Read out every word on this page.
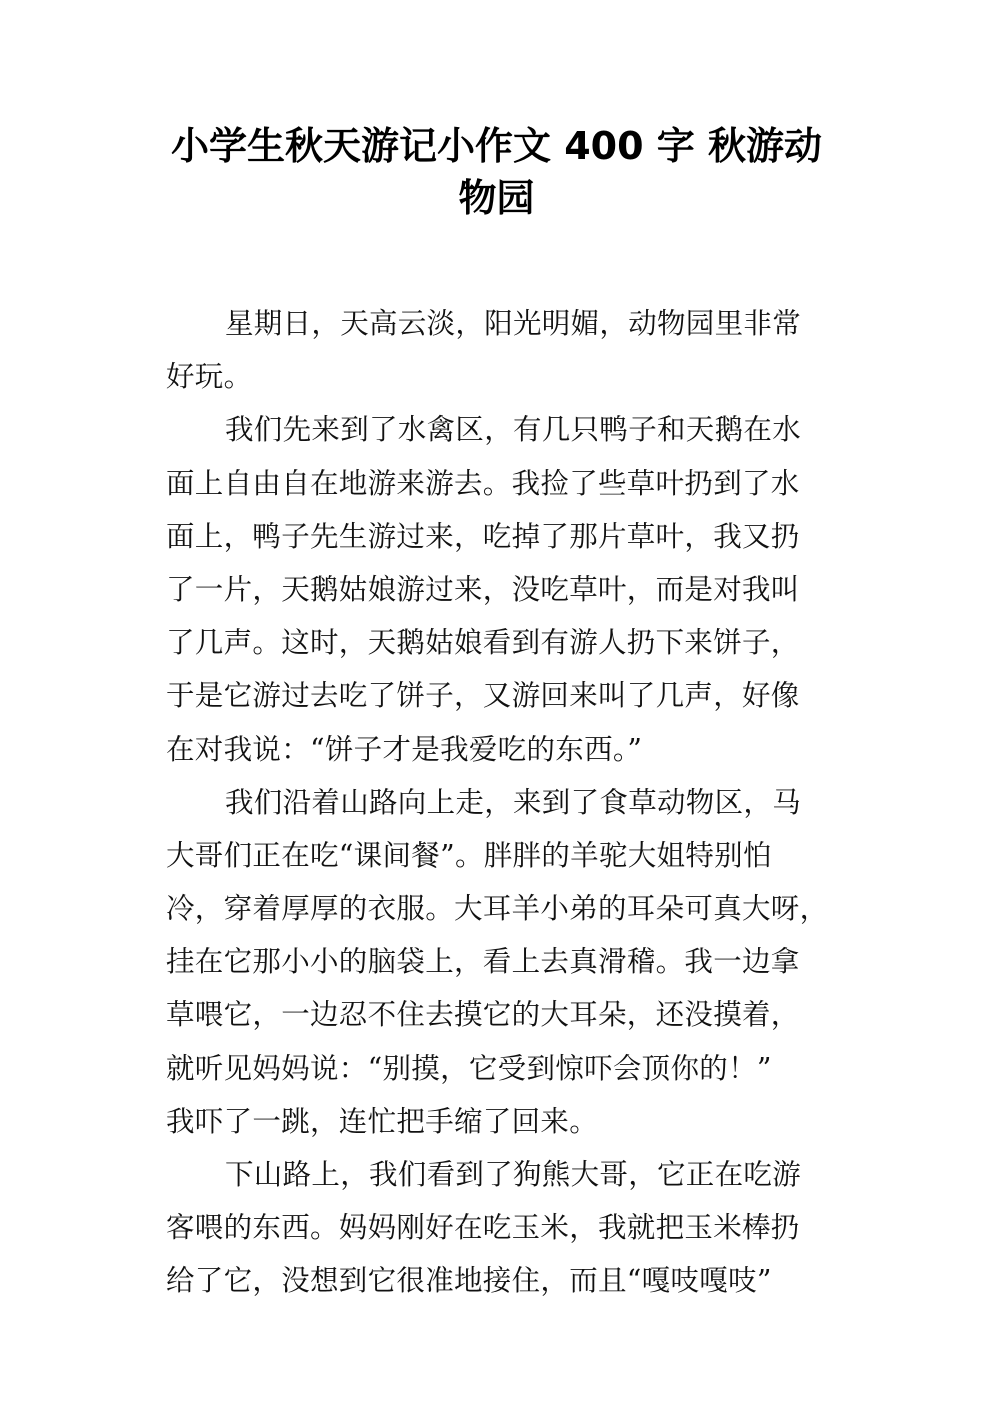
小学生秋天游记小作文 400 字 秋游动
物园
星期日，天高云淡，阳光明媚，动物园里非常
好玩。
我们先来到了水禽区，有几只鸭子和天鹅在水
面上自由自在地游来游去。我捡了些草叶扔到了水
面上，鸭子先生游过来，吃掉了那片草叶，我又扔
了一片，天鹅姑娘游过来，没吃草叶，而是对我叫
了几声。这时，天鹅姑娘看到有游人扔下来饼子，
于是它游过去吃了饼子，又游回来叫了几声，好像
在对我说：“饼子才是我爱吃的东西。”
我们沿着山路向上走，来到了食草动物区，马
大哥们正在吃“课间餐”。胖胖的羊驼大姐特别怕
冷，穿着厚厚的衣服。大耳羊小弟的耳朵可真大呀，
挂在它那小小的脑袋上，看上去真滑稽。我一边拿
草喂它，一边忍不住去摸它的大耳朵，还没摸着，
就听见妈妈说：“别摸，它受到惊吓会顶你的！”
我吓了一跳，连忙把手缩了回来。
下山路上，我们看到了狗熊大哥，它正在吃游
客喂的东西。妈妈刚好在吃玉米，我就把玉米棒扔
给了它，没想到它很准地接住，而且“嘎吱嘎吱”
